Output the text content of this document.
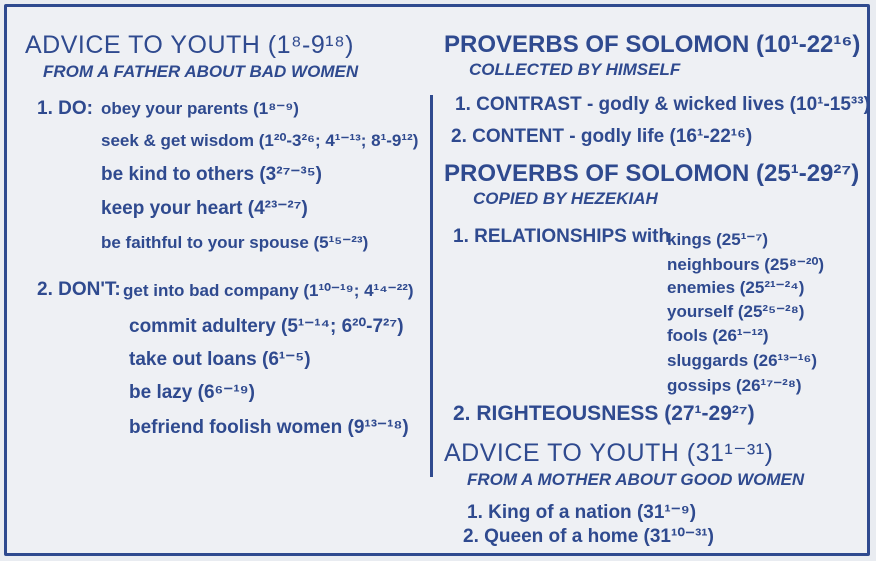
ADVICE TO YOUTH (1⁸-9¹⁸)
FROM A FATHER ABOUT BAD WOMEN
1. DO: obey your parents (1⁸⁻⁹)
seek & get wisdom (1²⁰-3²⁶; 4¹⁻¹³; 8¹-9¹²)
be kind to others (3²⁷⁻³⁵)
keep your heart (4²³⁻²⁷)
be faithful to your spouse (5¹⁵⁻²³)
2. DON'T: get into bad company (1¹⁰⁻¹⁹; 4¹⁴⁻²²)
commit adultery (5¹⁻¹⁴; 6²⁰-7²⁷)
take out loans (6¹⁻⁵)
be lazy (6⁶⁻¹⁹)
befriend foolish women (9¹³⁻¹⁸)
PROVERBS OF SOLOMON (10¹-22¹⁶)
COLLECTED BY HIMSELF
1. CONTRAST - godly & wicked lives (10¹-15³³)
2. CONTENT - godly life (16¹-22¹⁶)
PROVERBS OF SOLOMON (25¹-29²⁷)
COPIED BY HEZEKIAH
1. RELATIONSHIPS with
kings (25¹⁻⁷)
neighbours (25⁸⁻²⁰)
enemies (25²¹⁻²⁴)
yourself (25²⁵⁻²⁸)
fools (26¹⁻¹²)
sluggards (26¹³⁻¹⁶)
gossips (26¹⁷⁻²⁸)
2. RIGHTEOUSNESS (27¹-29²⁷)
ADVICE TO YOUTH (31¹⁻³¹)
FROM A MOTHER ABOUT GOOD WOMEN
1. King of a nation (31¹⁻⁹)
2. Queen of a home (31¹⁰⁻³¹)
